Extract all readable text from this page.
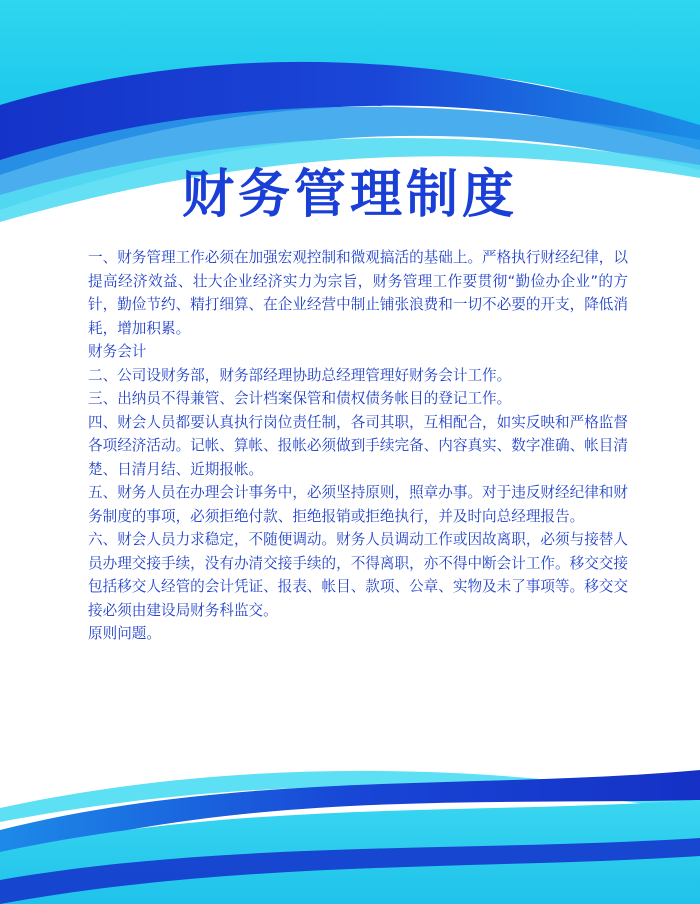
财务管理制度
一、财务管理工作必须在加强宏观控制和微观搞活的基础上。严格执行财经纪律，以提高经济效益、壮大企业经济实力为宗旨，财务管理工作要贯彻“勤俭办企业”的方针，勤俭节约、精打细算、在企业经营中制止铺张浪费和一切不必要的开支，降低消耗，增加积累。
财务会计
二、公司设财务部，财务部经理协助总经理管理好财务会计工作。
三、出纳员不得兼管、会计档案保管和债权债务帐目的登记工作。
四、财会人员都要认真执行岗位责任制，各司其职，互相配合，如实反映和严格监督各项经济活动。记帐、算帐、报帐必须做到手续完备、内容真实、数字准确、帐目清楚、日清月结、近期报帐。
五、财务人员在办理会计事务中，必须坚持原则，照章办事。对于违反财经纪律和财务制度的事项，必须拒绝付款、拒绝报销或拒绝执行，并及时向总经理报告。
六、财会人员力求稳定，不随便调动。财务人员调动工作或因故离职，必须与接替人员办理交接手续，没有办清交接手续的，不得离职，亦不得中断会计工作。移交交接包括移交人经管的会计凭证、报表、帐目、款项、公章、实物及未了事项等。移交交接必须由建设局财务科监交。
原则问题。
